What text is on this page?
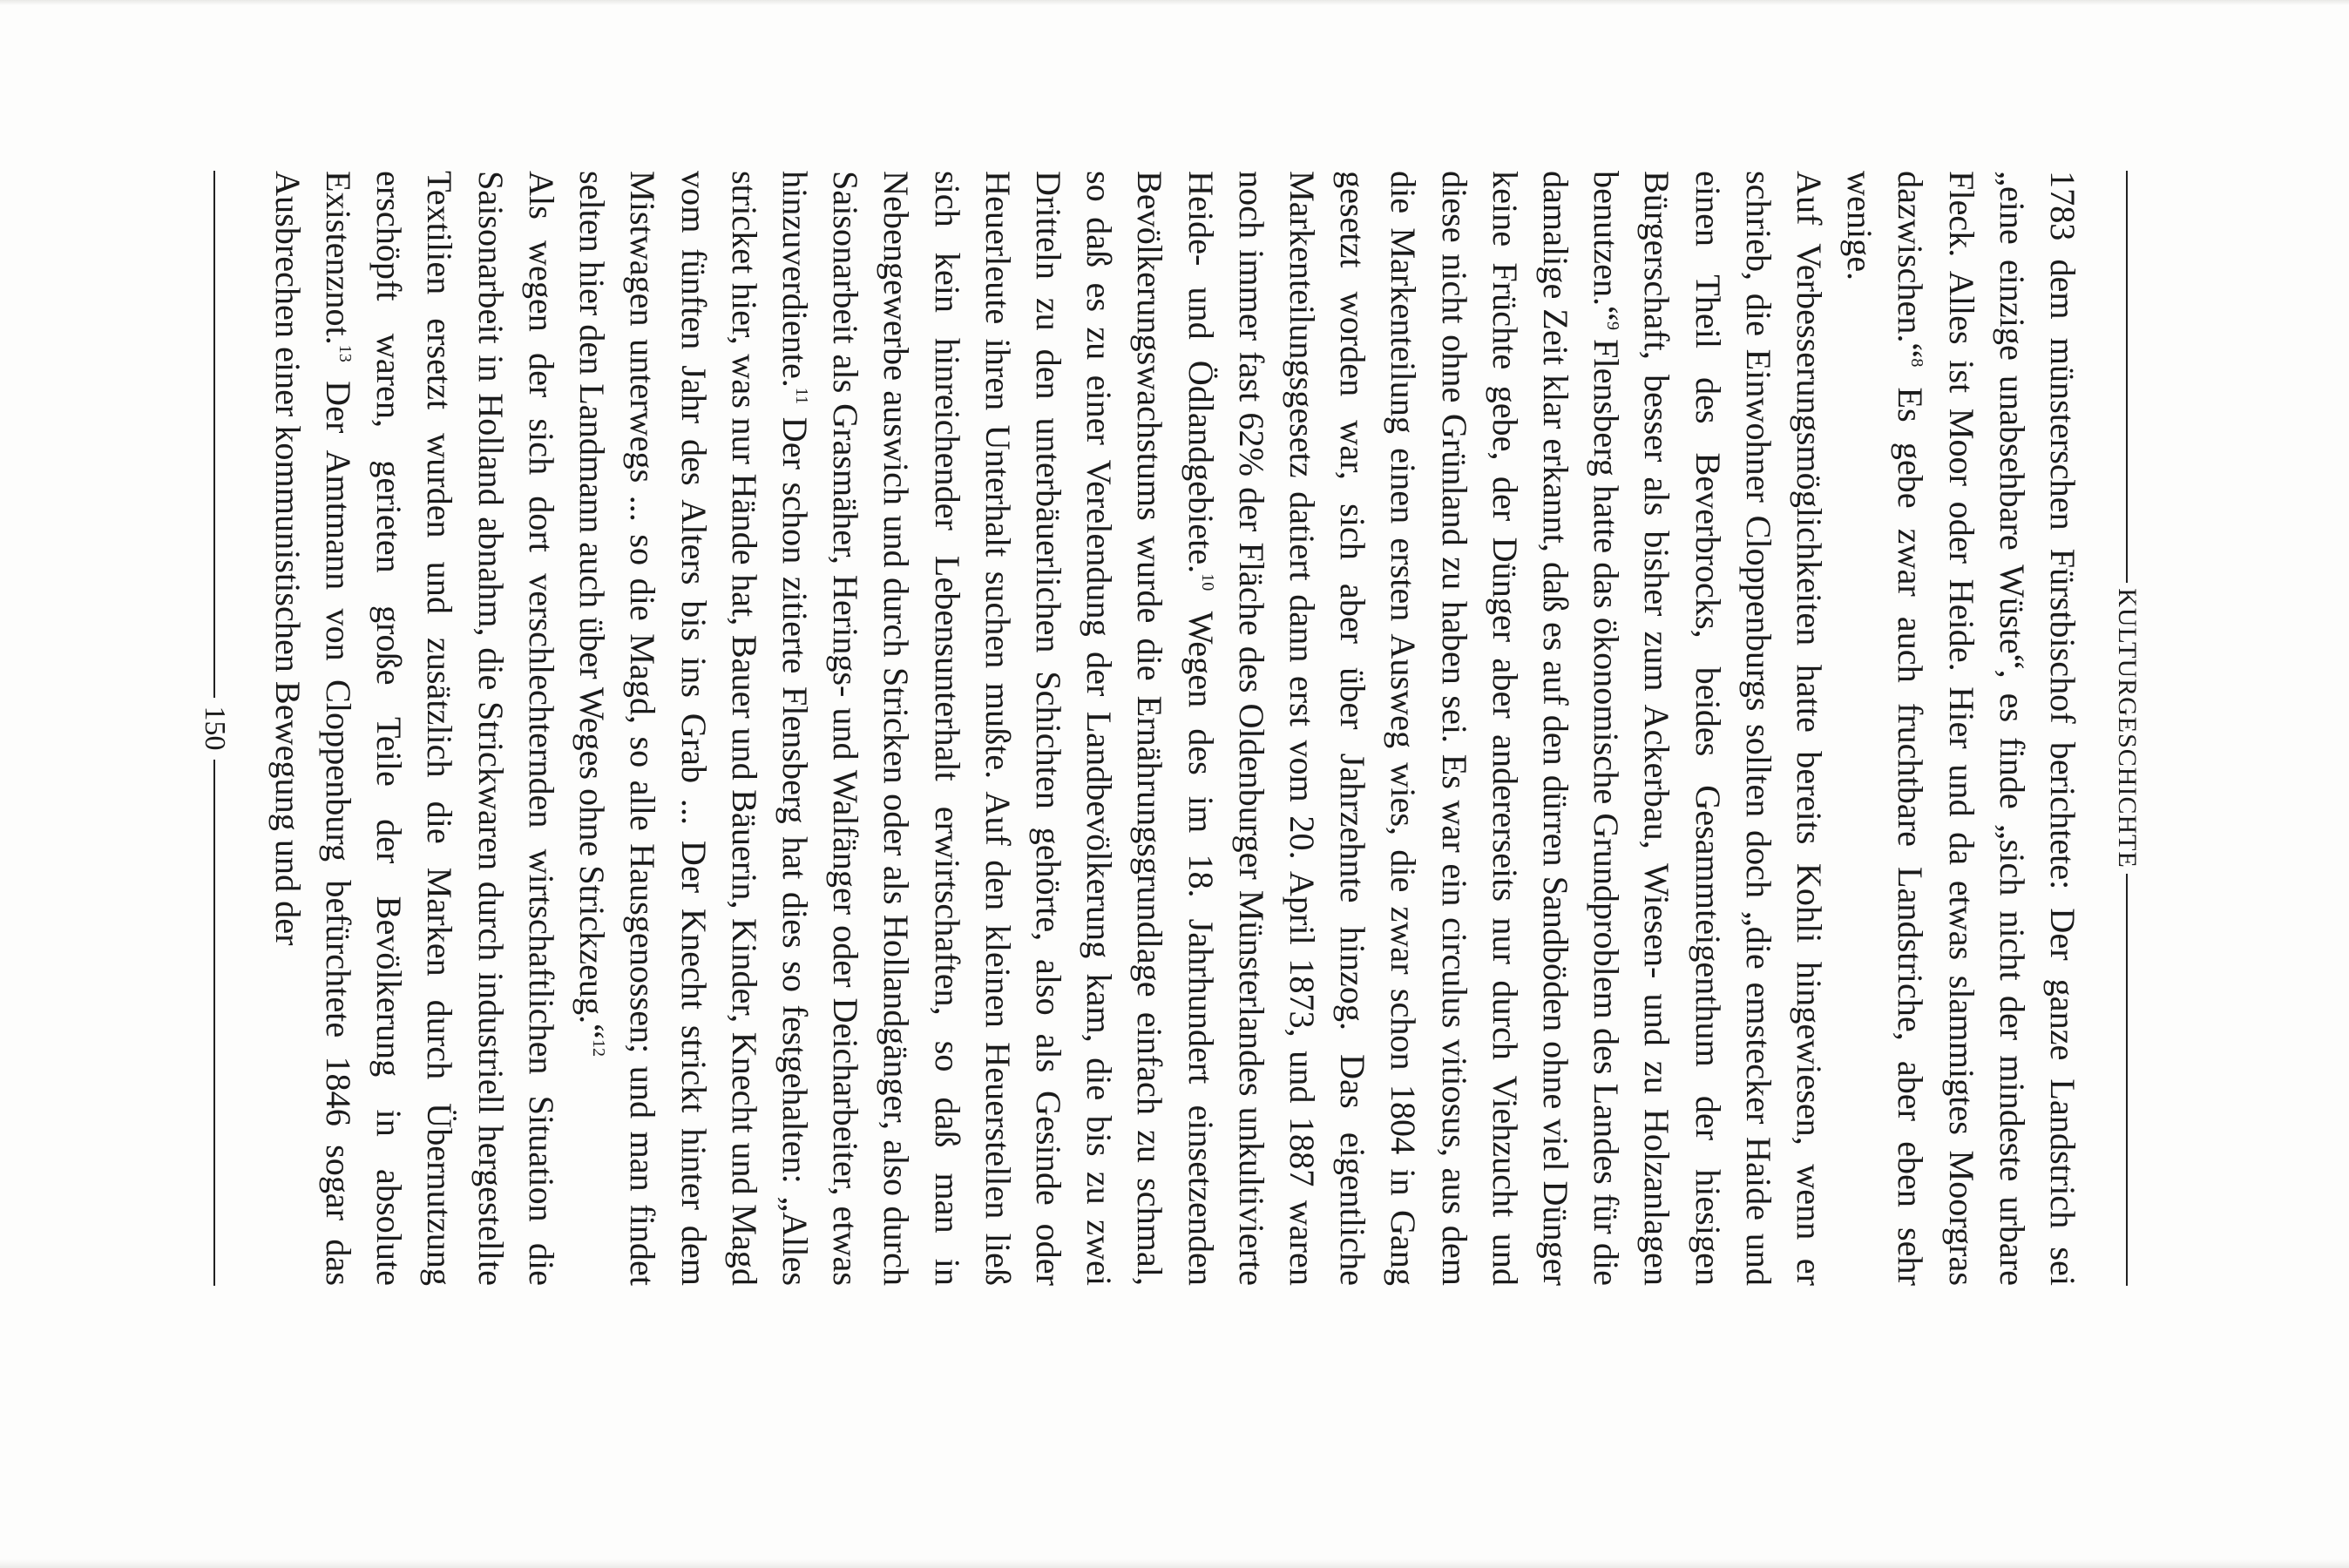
KULTURGESCHICHTE

1783 dem münsterschen Fürstbischof berichtete: Der ganze Landstrich sei „eine einzige unabsehbare Wüste“, es finde „sich nicht der mindeste urbare Fleck. Alles ist Moor oder Heide. Hier und da etwas slammigtes Moorgras dazwischen.“$^8$ Es gebe zwar auch fruchtbare Landstriche, aber eben sehr wenige.

Auf Verbesserungsmöglichkeiten hatte bereits Kohli hingewiesen, wenn er schrieb, die Einwohner Cloppenburgs sollten doch „die emstecker Haide und einen Theil des Beverbrocks, beides Gesammteigenthum der hiesigen Bürgerschaft, besser als bisher zum Ackerbau, Wiesen- und zu Holzanlagen benutzen.“$^9$ Flensberg hatte das ökonomische Grundproblem des Landes für die damalige Zeit klar erkannt, daß es auf den dürren Sandböden ohne viel Dünger keine Früchte gebe, der Dünger aber andererseits nur durch Viehzucht und diese nicht ohne Grünland zu haben sei. Es war ein circulus vitiosus, aus dem die Markenteilung einen ersten Ausweg wies, die zwar schon 1804 in Gang gesetzt worden war, sich aber über Jahrzehnte hinzog. Das eigentliche Markenteilungsgesetz datiert dann erst vom 20. April 1873, und 1887 waren noch immer fast 62% der Fläche des Oldenburger Münsterlandes unkultivierte Heide- und Ödlandgebiete.$^{10}$ Wegen des im 18. Jahrhundert einsetzenden Bevölkerungswachstums wurde die Ernährungsgrundlage einfach zu schmal, so daß es zu einer Verelendung der Landbevölkerung kam, die bis zu zwei Dritteln zu den unterbäuerlichen Schichten gehörte, also als Gesinde oder Heuerleute ihren Unterhalt suchen mußte. Auf den kleinen Heuerstellen ließ sich kein hinreichender Lebensunterhalt erwirtschaften, so daß man in Nebengewerbe auswich und durch Stricken oder als Hollandgänger, also durch Saisonarbeit als Grasmäher, Herings- und Walfänger oder Deicharbeiter, etwas hinzuverdiente.$^{11}$ Der schon zitierte Flensberg hat dies so festgehalten: „Alles stricket hier, was nur Hände hat, Bauer und Bäuerin, Kinder, Knecht und Magd vom fünften Jahr des Alters bis ins Grab ... Der Knecht strickt hinter dem Mistwagen unterwegs ... so die Magd, so alle Hausgenossen; und man findet selten hier den Landmann auch über Weges ohne Strickzeug.“$^{12}$

Als wegen der sich dort verschlechternden wirtschaftlichen Situation die Saisonarbeit in Holland abnahm, die Strickwaren durch industriell hergestellte Textilien ersetzt wurden und zusätzlich die Marken durch Übernutzung erschöpft waren, gerieten große Teile der Bevölkerung in absolute Existenznot.$^{13}$ Der Amtmann von Cloppenburg befürchtete 1846 sogar das Ausbrechen einer kommunistischen Bewegung und der

150
